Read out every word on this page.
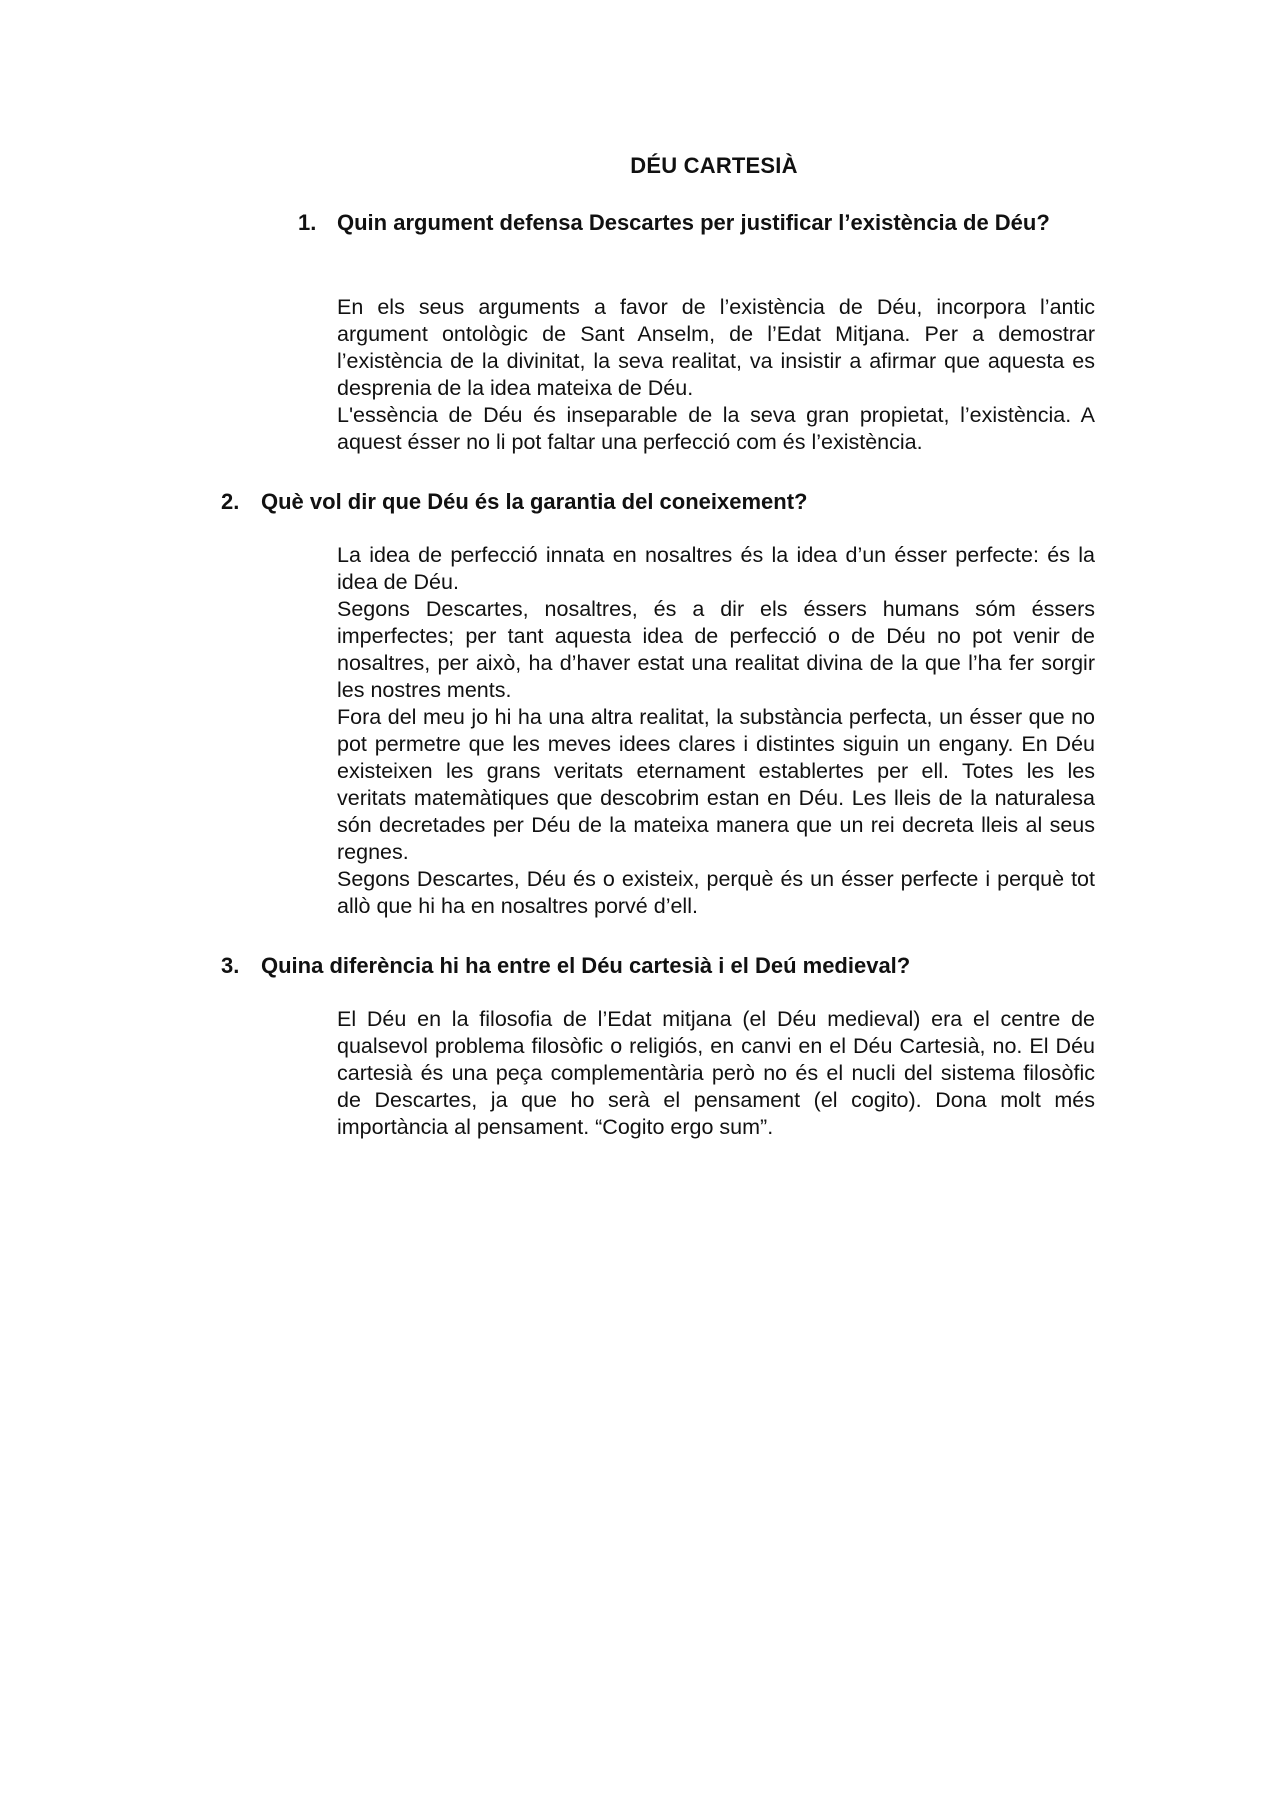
DÉU CARTESIÀ
1. Quin argument defensa Descartes per justificar l’existència de Déu?

En els seus arguments a favor de l’existència de Déu, incorpora l’antic argument ontològic de Sant Anselm, de l’Edat Mitjana. Per a demostrar l’existència de la divinitat, la seva realitat, va insistir a afirmar que aquesta es desprenia de la idea mateixa de Déu.

L'essència de Déu és inseparable de la seva gran propietat, l’existència. A aquest ésser no li pot faltar una perfecció com és l’existència.

2. Què vol dir que Déu és la garantia del coneixement?

La idea de perfecció innata en nosaltres és la idea d’un ésser perfecte: és la idea de Déu.

Segons Descartes, nosaltres, és a dir els éssers humans sóm éssers imperfectes; per tant aquesta idea de perfecció o de Déu no pot venir de nosaltres, per això, ha d’haver estat una realitat divina de la que l’ha fer sorgir les nostres ments.

Fora del meu jo hi ha una altra realitat, la substància perfecta, un ésser que no pot permetre que les meves idees clares i distintes siguin un engany. En Déu existeixen les grans veritats eternament establertes per ell. Totes les les veritats matemàtiques que descobrim estan en Déu. Les lleis de la naturalesa són decretades per Déu de la mateixa manera que un rei decreta lleis al seus regnes.

Segons Descartes, Déu és o existeix, perquè és un ésser perfecte i perquè tot allò que hi ha en nosaltres porvé d’ell.

3. Quina diferència hi ha entre el Déu cartesià i el Deú medieval?

El Déu en la filosofia de l’Edat mitjana (el Déu medieval) era el centre de qualsevol problema filosòfic o religiós, en canvi en el Déu Cartesià, no. El Déu cartesià és una peça complementària però no és el nucli del sistema filosòfic de Descartes, ja que ho serà el pensament (el cogito). Dona molt més importància al pensament. “Cogito ergo sum”.
